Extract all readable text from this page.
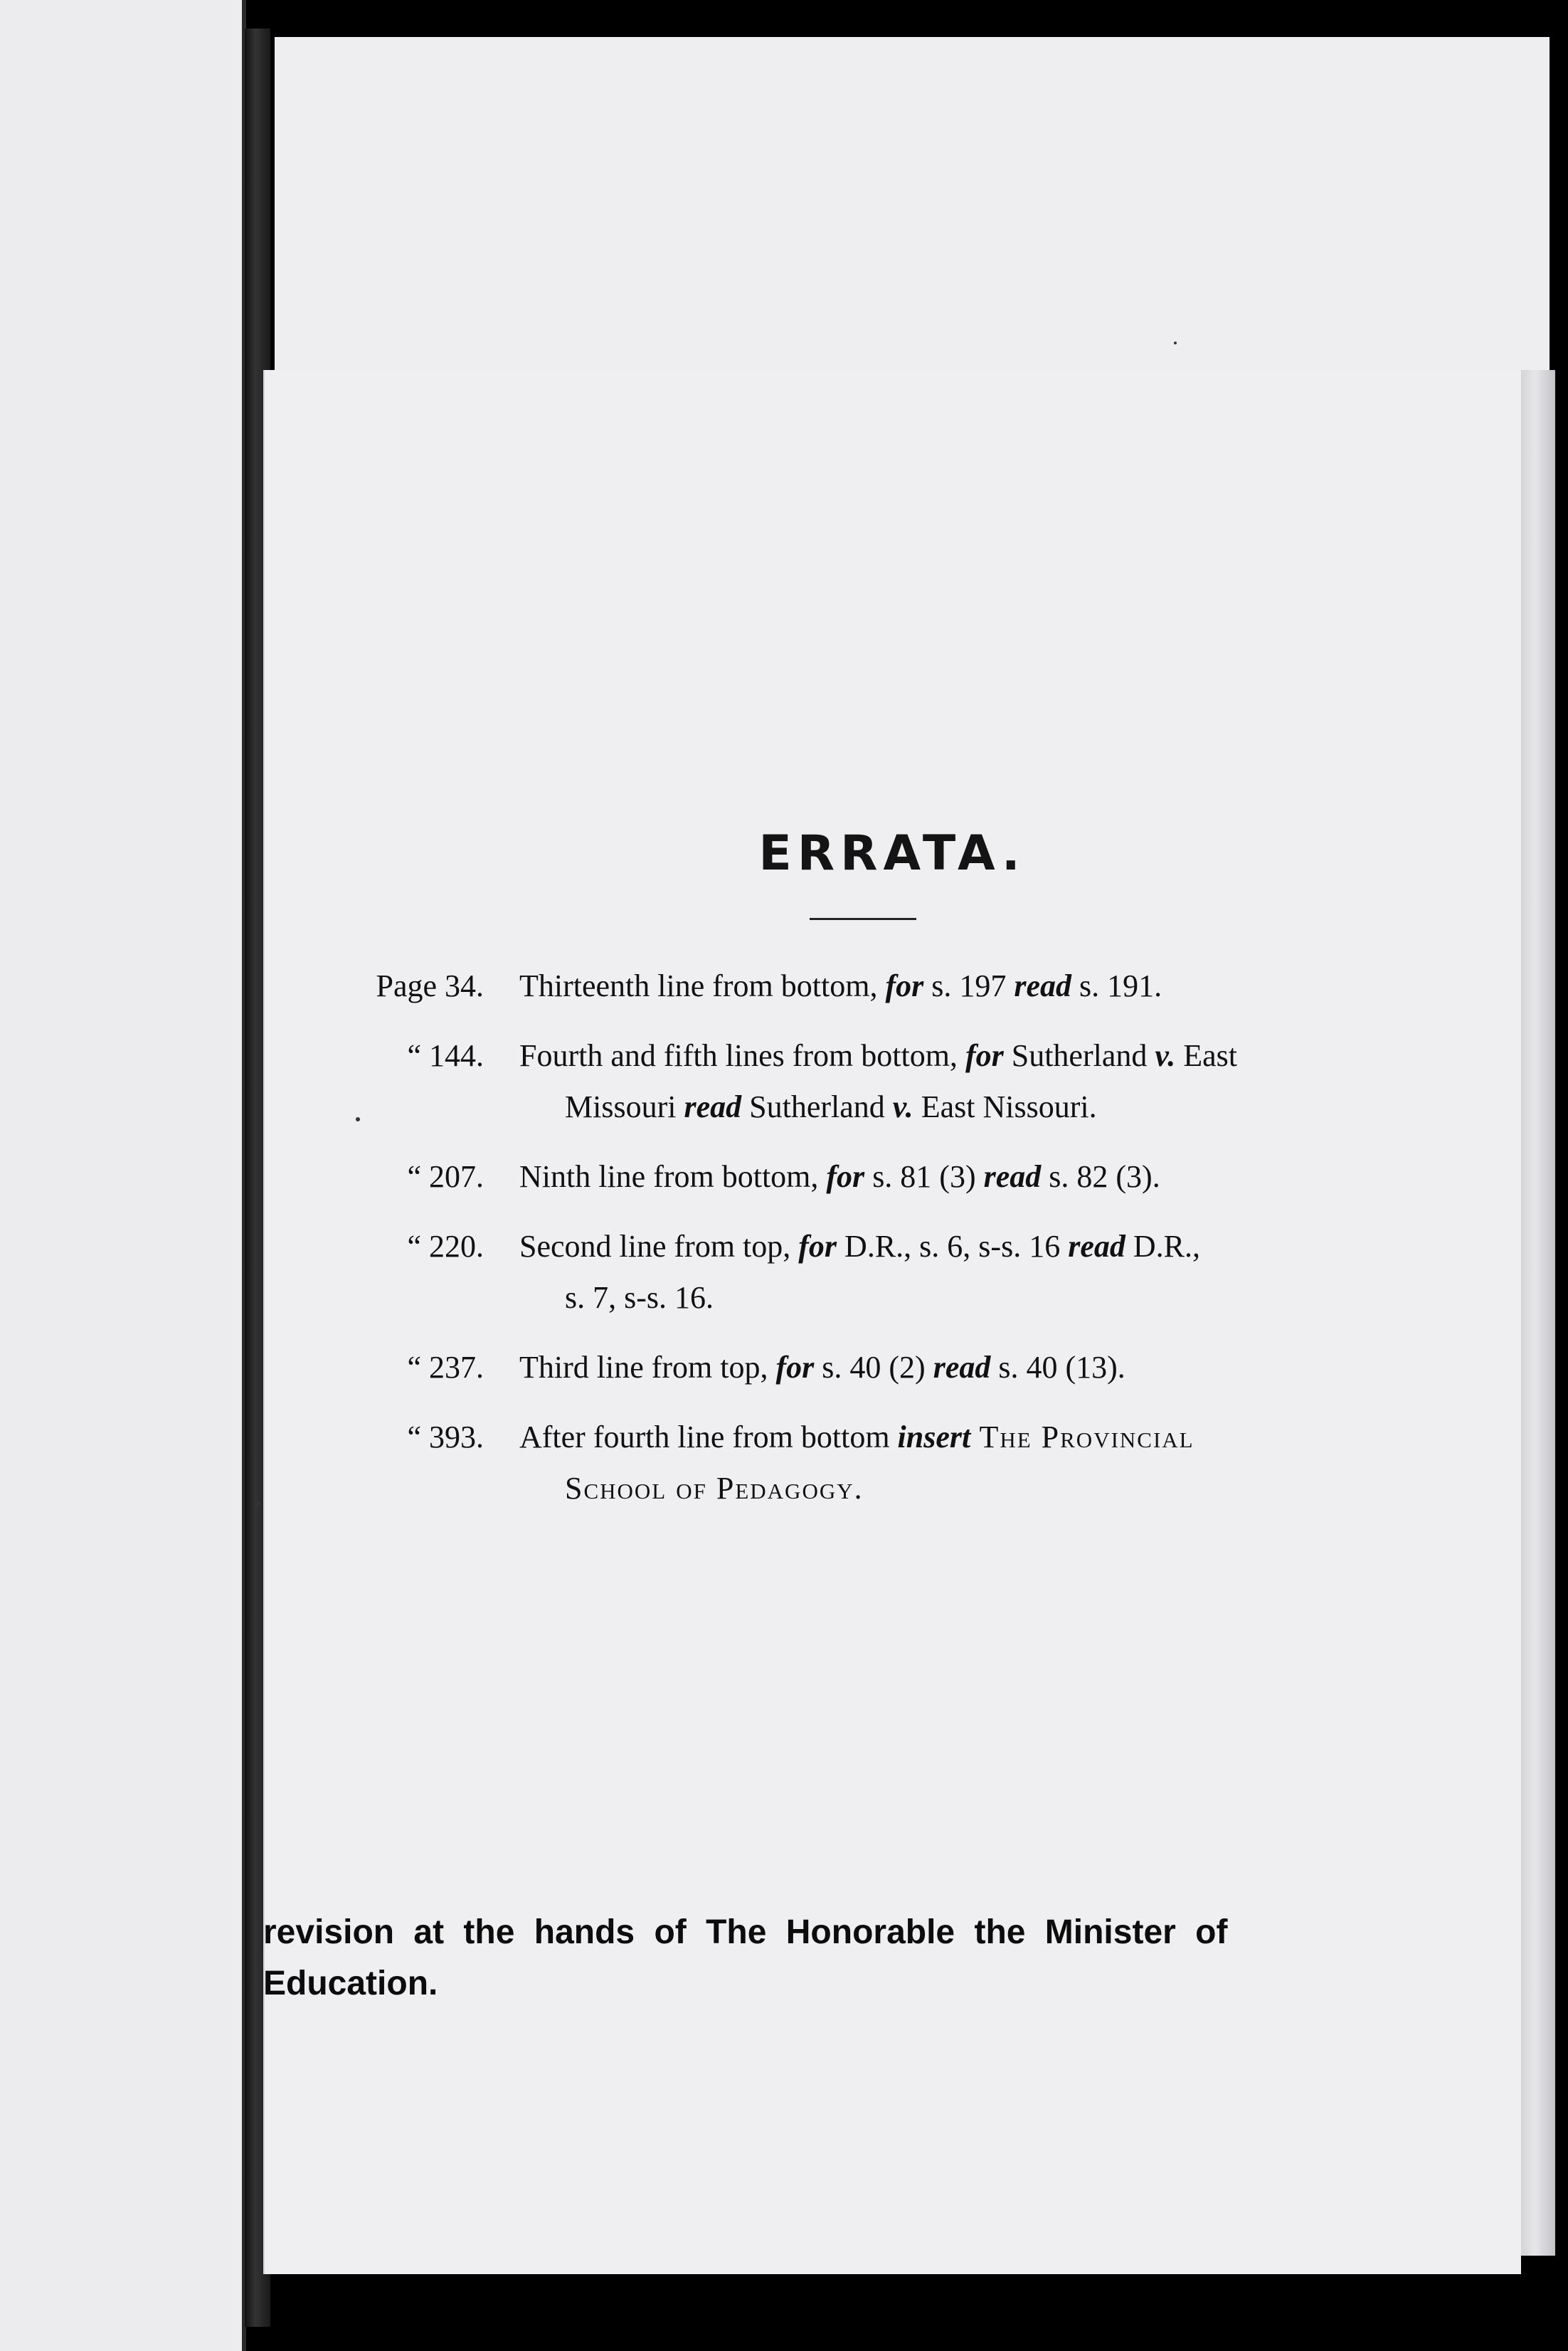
ERRATA.
Page 34.	Thirteenth line from bottom, for s. 197 read s. 191.
“ 144.	Fourth and fifth lines from bottom, for Sutherland v. East
Missouri read Sutherland v. East Nissouri.
“ 207.	Ninth line from bottom, for s. 81 (3) read s. 82 (3).
“ 220.	Second line from top, for D.R., s. 6, s-s. 16 read D.R.,
s. 7, s-s. 16.
“ 237.	Third line from top, for s. 40 (2) read s. 40 (13).
“ 393.	After fourth line from bottom insert The Provincial
School of Pedagogy.
revision at the hands of The Honorable the Minister of
Education.
